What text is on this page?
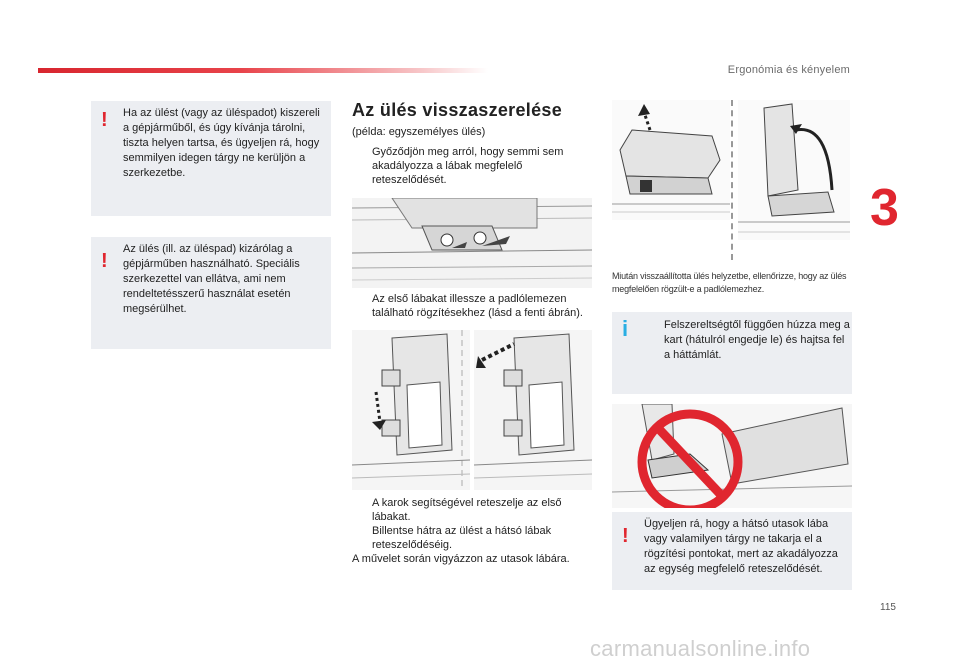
Ergonómia és kényelem
3
! Ha az ülést (vagy az üléspadot) kiszereli a gépjárműből, és úgy kívánja tárolni, tiszta helyen tartsa, és ügyeljen rá, hogy semmilyen idegen tárgy ne kerüljön a szerkezetbe.
!
Az ülés (ill. az üléspad) kizárólag a gépjárműben használható. Speciális szerkezettel van ellátva, ami nem rendeltetésszerű használat esetén megsérülhet.
Az ülés visszaszerelése
(példa: egyszemélyes ülés)
Győződjön meg arról, hogy semmi sem akadályozza a lábak megfelelő reteszelődését.
Az első lábakat illessze a padlólemezen található rögzítésekhez (lásd a fenti ábrán).
A karok segítségével reteszelje az első lábakat.
Billentse hátra az ülést a hátsó lábak reteszelődéséig.
A művelet során vigyázzon az utasok lábára.
Miután visszaállította ülés helyzetbe, ellenőrizze, hogy az ülés megfelelően rögzült-e a padlólemezhez.
i	Felszereltségtől függően húzza meg a kart (hátulról engedje le) és hajtsa fel a háttámlát.
!
Ügyeljen rá, hogy a hátsó utasok lába vagy valamilyen tárgy ne takarja el a rögzítési pontokat, mert az akadályozza az egység megfelelő reteszelődését.
115
carmanualsonline.info
